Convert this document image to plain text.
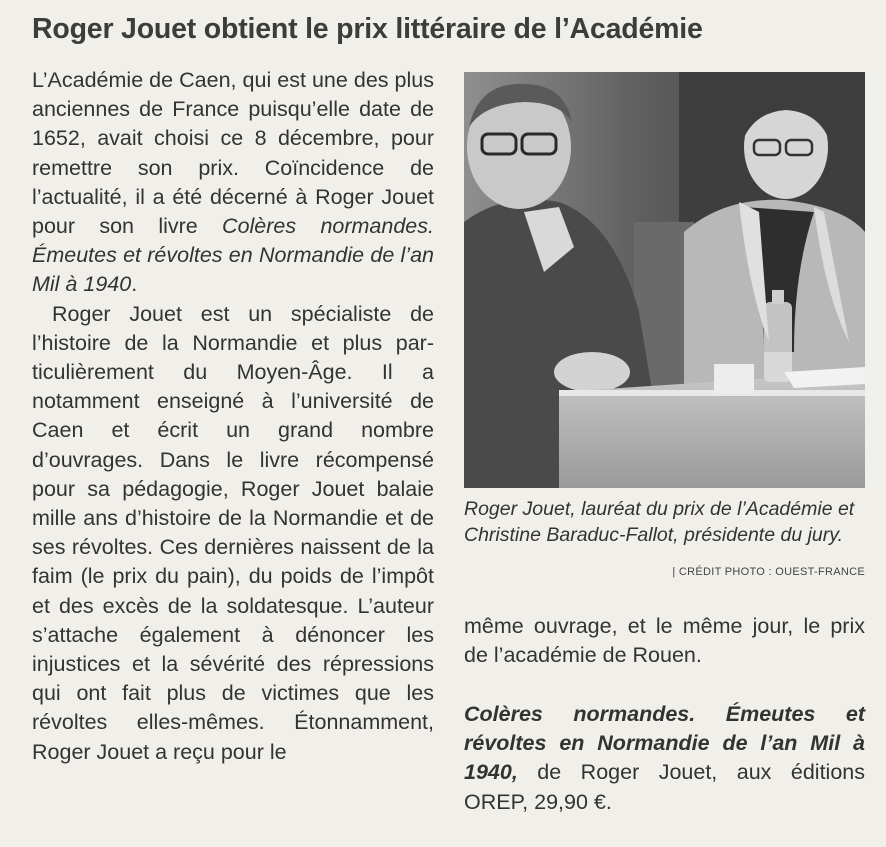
Roger Jouet obtient le prix littéraire de l’Académie

L’Académie de Caen, qui est une des plus anciennes de France puisqu’elle date de 1652, avait choisi ce 8 décembre, pour remettre son prix. Coïncidence de l’actualité, il a été décerné à Roger Jouet pour son livre Colères normandes. Émeutes et révoltes en Normandie de l’an Mil à 1940.

Roger Jouet est un spécialiste de l’histoire de la Normandie et plus particulièrement du Moyen-Âge. Il a notamment enseigné à l’université de Caen et écrit un grand nombre d’ouvrages. Dans le livre récompensé pour sa pédagogie, Roger Jouet balaie mille ans d’histoire de la Normandie et de ses révoltes. Ces dernières naissent de la faim (le prix du pain), du poids de l’impôt et des excès de la soldatesque. L’auteur s’attache également à dénoncer les injustices et la sévérité des répressions qui ont fait plus de victimes que les révoltes elles-mêmes. Étonnamment, Roger Jouet a reçu pour le

Roger Jouet, lauréat du prix de l’Académie et Christine Baraduc-Fallot, présidente du jury.
| CRÉDIT PHOTO : OUEST-FRANCE

même ouvrage, et le même jour, le prix de l’académie de Rouen.

Colères normandes. Émeutes et révoltes en Normandie de l’an Mil à 1940, de Roger Jouet, aux éditions OREP, 29,90 €.
